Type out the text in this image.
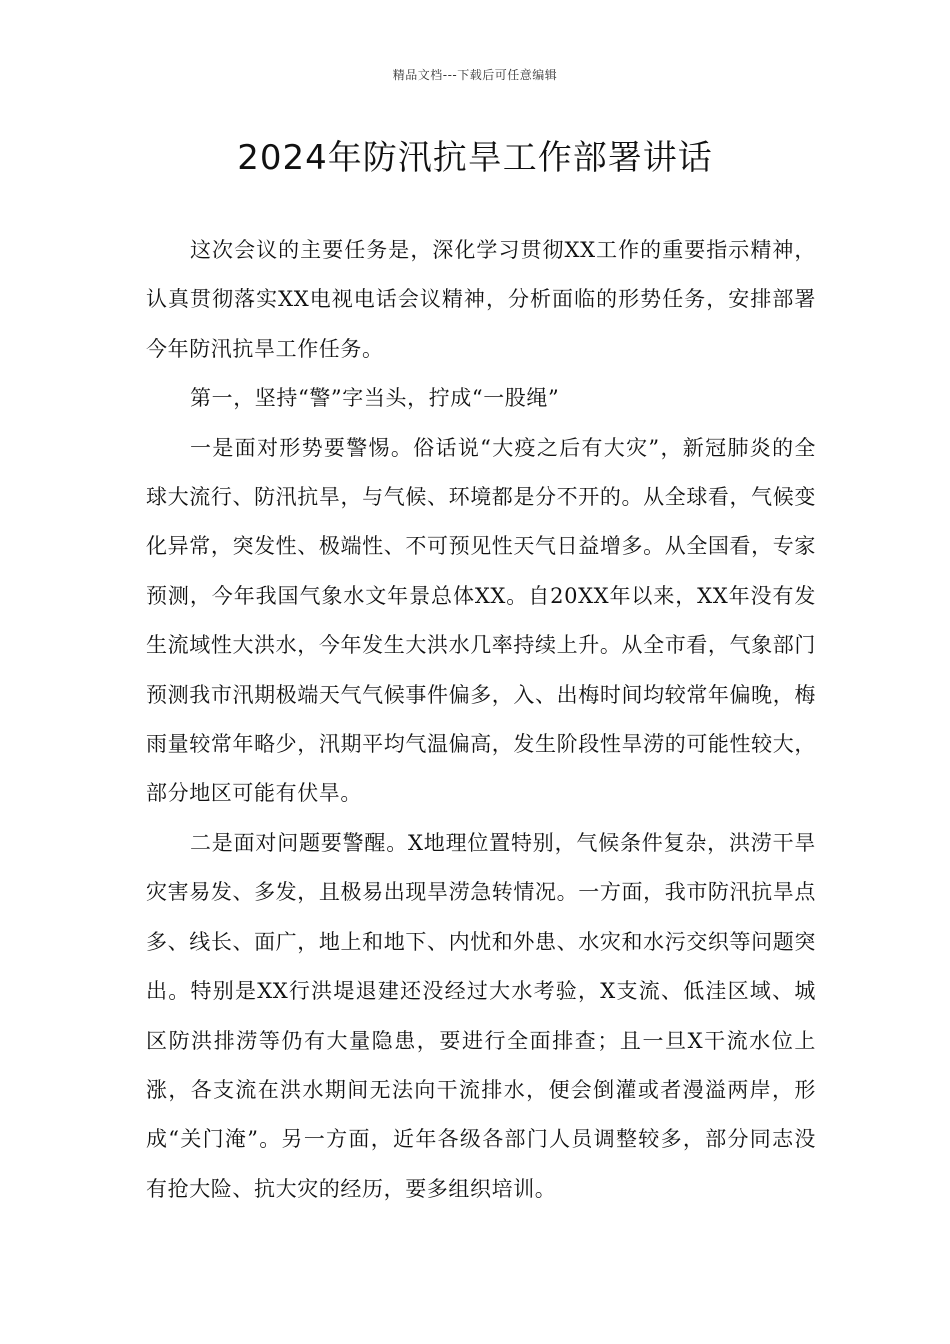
精品文档---下载后可任意编辑
2024年防汛抗旱工作部署讲话

这次会议的主要任务是，深化学习贯彻XX工作的重要指示精神，认真贯彻落实XX电视电话会议精神，分析面临的形势任务，安排部署今年防汛抗旱工作任务。

第一，坚持“警”字当头，拧成“一股绳”

一是面对形势要警惕。俗话说“大疫之后有大灾”，新冠肺炎的全球大流行、防汛抗旱，与气候、环境都是分不开的。从全球看，气候变化异常，突发性、极端性、不可预见性天气日益增多。从全国看，专家预测，今年我国气象水文年景总体XX。自20XX年以来，XX年没有发生流域性大洪水，今年发生大洪水几率持续上升。从全市看，气象部门预测我市汛期极端天气气候事件偏多，入、出梅时间均较常年偏晚，梅雨量较常年略少，汛期平均气温偏高，发生阶段性旱涝的可能性较大，部分地区可能有伏旱。

二是面对问题要警醒。X地理位置特别，气候条件复杂，洪涝干旱灾害易发、多发，且极易出现旱涝急转情况。一方面，我市防汛抗旱点多、线长、面广，地上和地下、内忧和外患、水灾和水污交织等问题突出。特别是XX行洪堤退建还没经过大水考验，X支流、低洼区域、城区防洪排涝等仍有大量隐患，要进行全面排查；且一旦X干流水位上涨，各支流在洪水期间无法向干流排水，便会倒灌或者漫溢两岸，形成“关门淹”。另一方面，近年各级各部门人员调整较多，部分同志没有抢大险、抗大灾的经历，要多组织培训。
